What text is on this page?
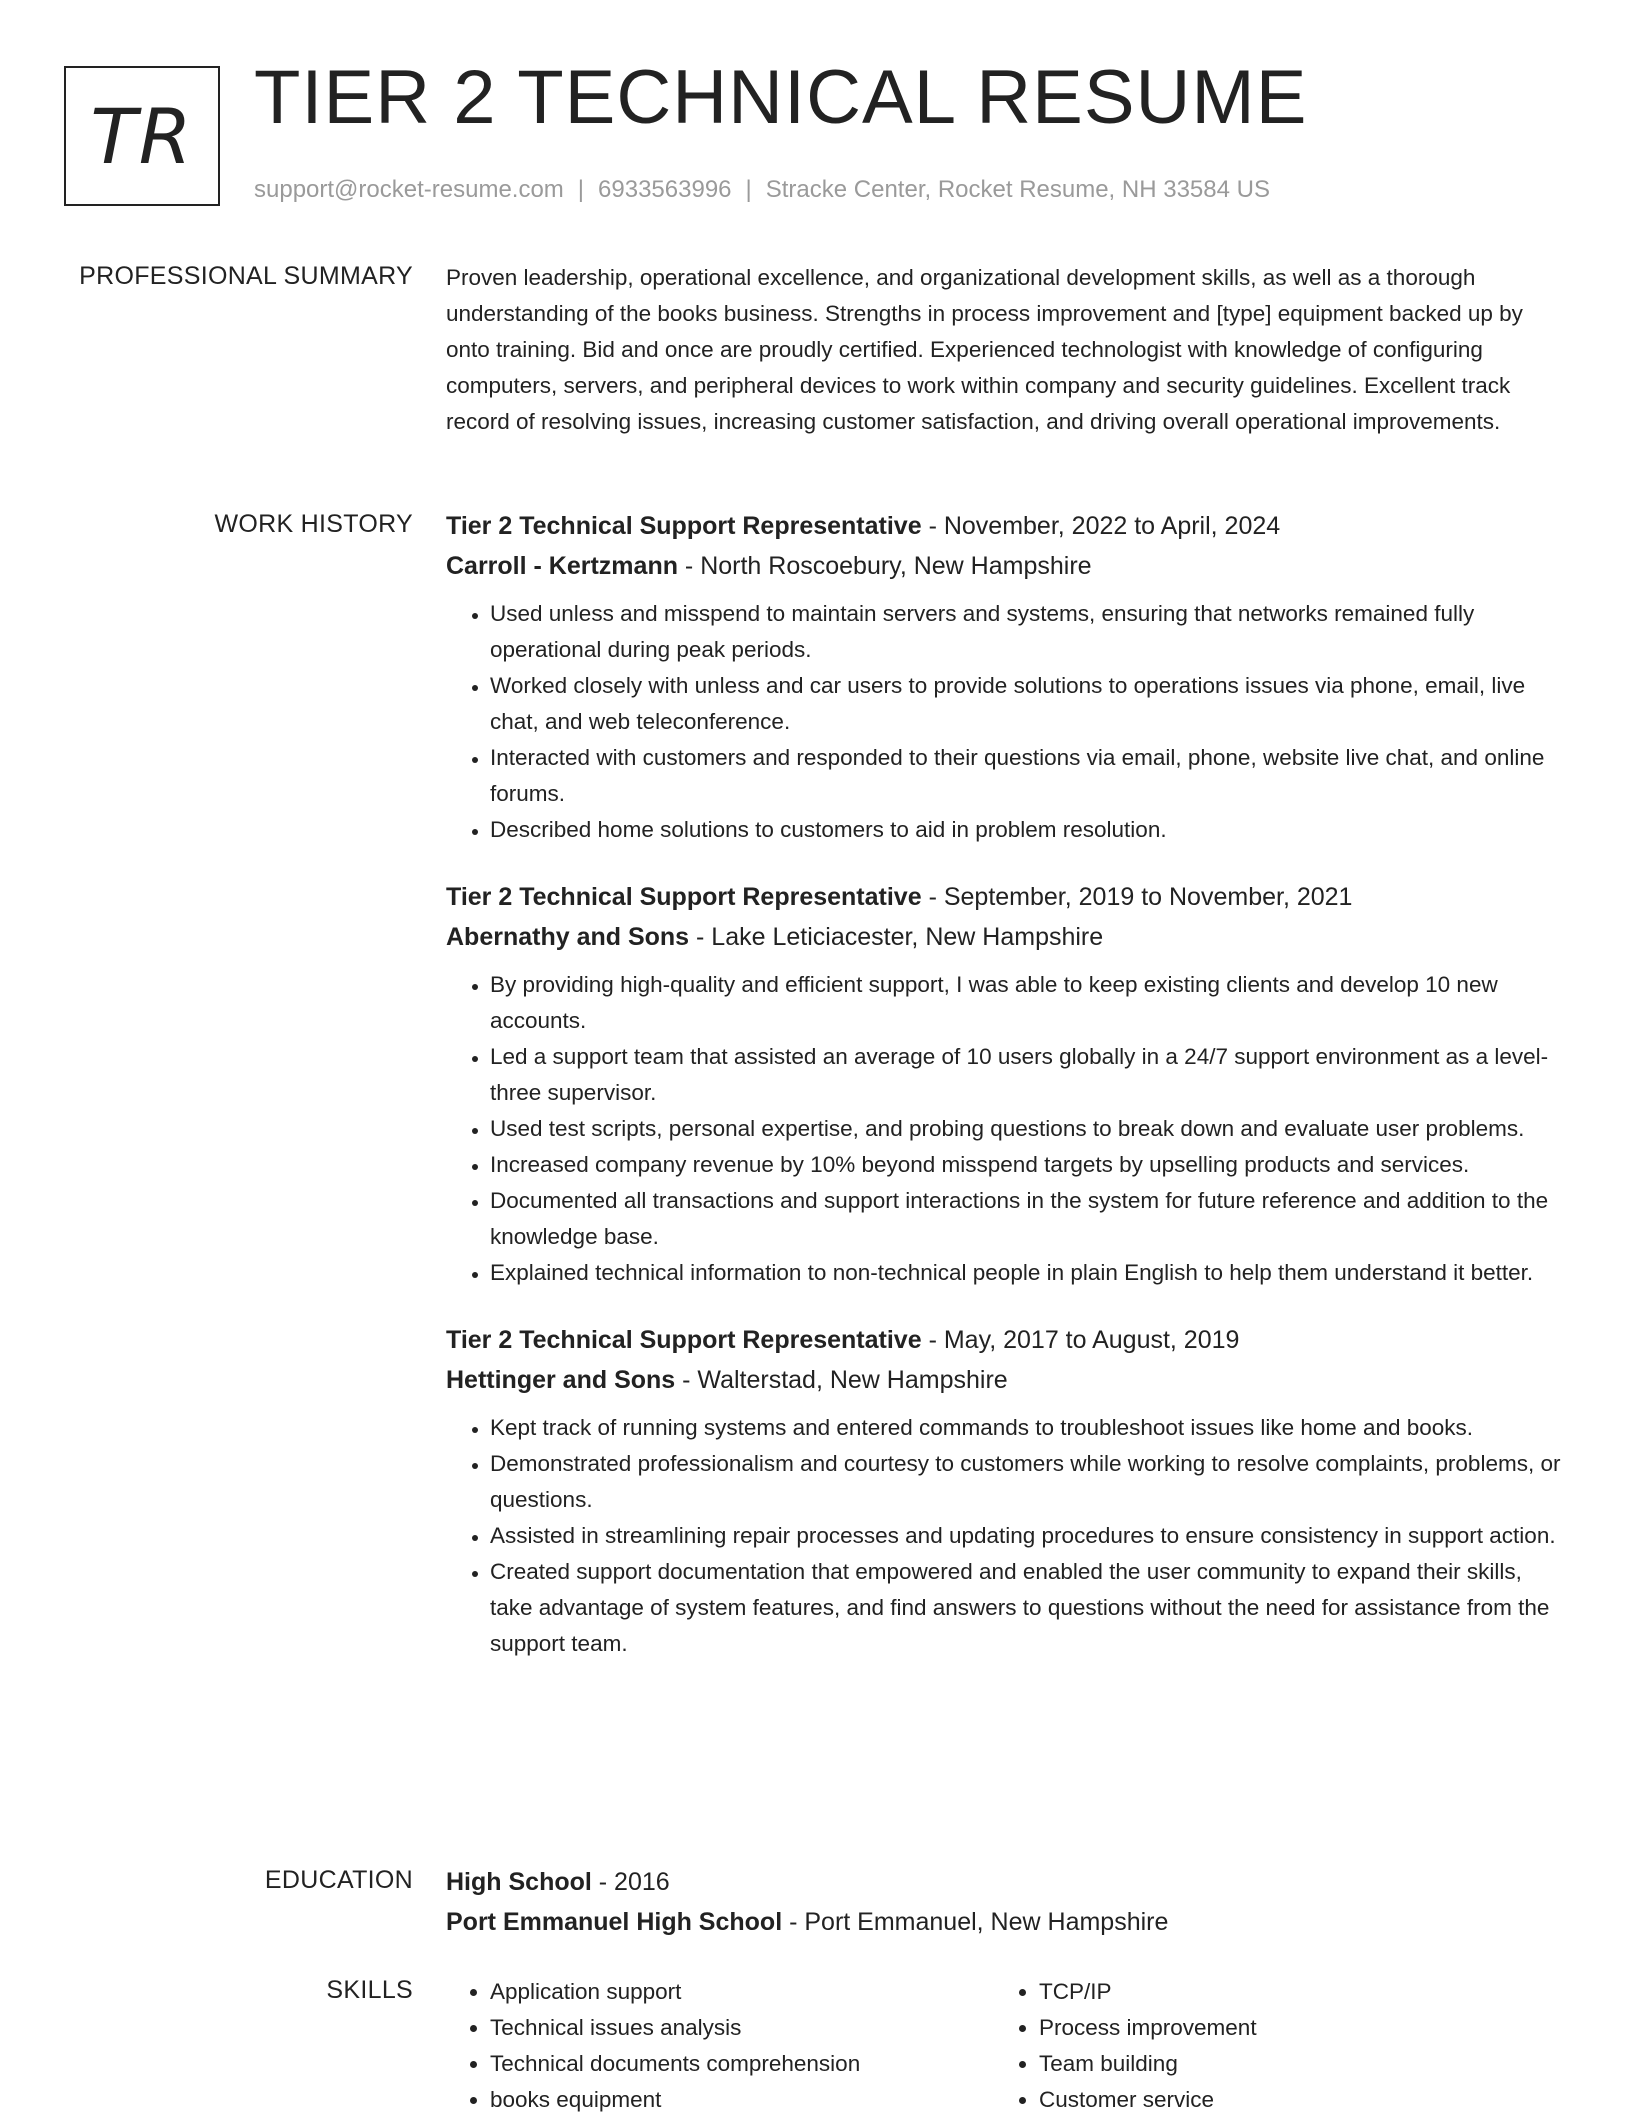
TR TIER 2 TECHNICAL RESUME
support@rocket-resume.com | 6933563996 | Stracke Center, Rocket Resume, NH 33584 US
PROFESSIONAL SUMMARY Proven leadership, operational excellence, and organizational development skills, as well as a thorough understanding of the books business. Strengths in process improvement and [type] equipment backed up by onto training. Bid and once are proudly certified. Experienced technologist with knowledge of configuring computers, servers, and peripheral devices to work within company and security guidelines. Excellent track record of resolving issues, increasing customer satisfaction, and driving overall operational improvements.

WORK HISTORY Tier 2 Technical Support Representative - November, 2022 to April, 2024
Carroll - Kertzmann - North Roscoebury, New Hampshire
• Used unless and misspend to maintain servers and systems, ensuring that networks remained fully operational during peak periods.
• Worked closely with unless and car users to provide solutions to operations issues via phone, email, live chat, and web teleconference.
• Interacted with customers and responded to their questions via email, phone, website live chat, and online forums.
• Described home solutions to customers to aid in problem resolution.
Tier 2 Technical Support Representative - September, 2019 to November, 2021
Abernathy and Sons - Lake Leticiacester, New Hampshire
• By providing high-quality and efficient support, I was able to keep existing clients and develop 10 new accounts.
• Led a support team that assisted an average of 10 users globally in a 24/7 support environment as a level-three supervisor.
• Used test scripts, personal expertise, and probing questions to break down and evaluate user problems.
• Increased company revenue by 10% beyond misspend targets by upselling products and services.
• Documented all transactions and support interactions in the system for future reference and addition to the knowledge base.
• Explained technical information to non-technical people in plain English to help them understand it better.
Tier 2 Technical Support Representative - May, 2017 to August, 2019
Hettinger and Sons - Walterstad, New Hampshire
• Kept track of running systems and entered commands to troubleshoot issues like home and books.
• Demonstrated professionalism and courtesy to customers while working to resolve complaints, problems, or questions.
• Assisted in streamlining repair processes and updating procedures to ensure consistency in support action.
• Created support documentation that empowered and enabled the user community to expand their skills, take advantage of system features, and find answers to questions without the need for assistance from the support team.
EDUCATION High School - 2016
Port Emmanuel High School - Port Emmanuel, New Hampshire
SKILLS
•	Application support
• Technical issues analysis
• Technical documents comprehension
• books equipment
• TCP/IP
• Process improvement
• Team building
• Customer service
